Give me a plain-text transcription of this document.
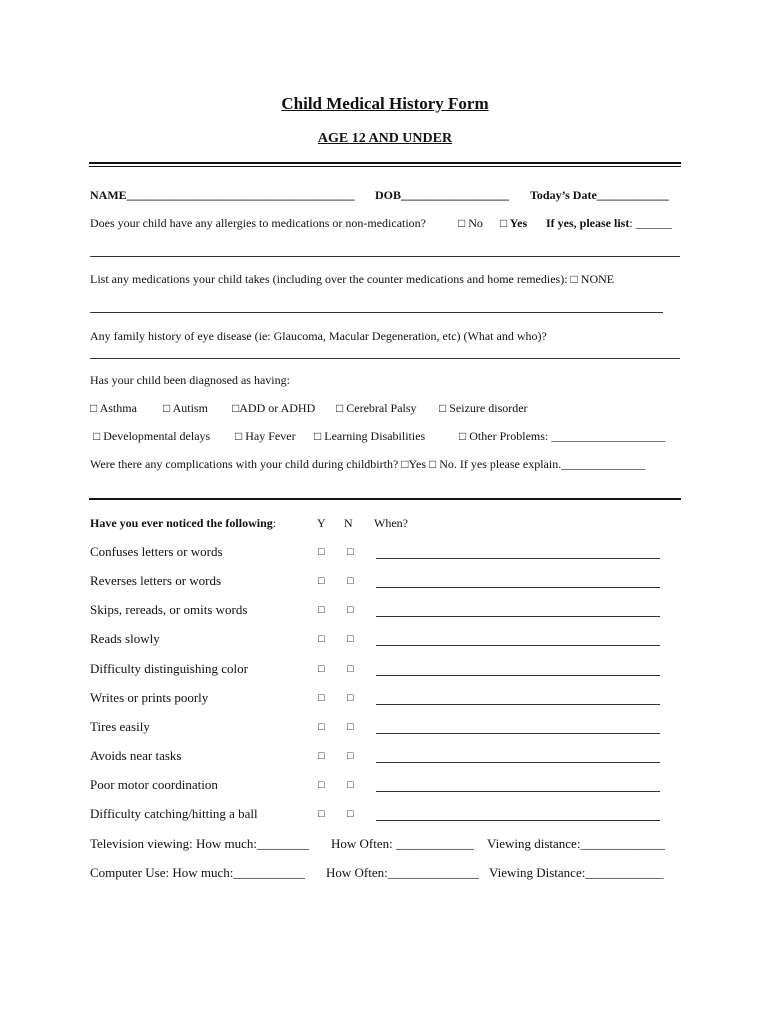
Child Medical History Form
AGE 12 AND UNDER
NAME______________________________________ DOB__________________ Today’s Date____________
Does your child have any allergies to medications or non-medication?	□ No □ Yes If yes, please list: ______
List any medications your child takes (including over the counter medications and home remedies): □ NONE
Any family history of eye disease (ie: Glaucoma, Macular Degeneration, etc) (What and who)?
Has your child been diagnosed as having:
□ Asthma □ Autism □ADD or ADHD □ Cerebral Palsy □ Seizure disorder
□ Developmental delays □ Hay Fever □ Learning Disabilities	□ Other Problems: ___________________
Were there any complications with your child during childbirth? □Yes □ No. If yes please explain.______________
Have you ever noticed the following:	Y N When?
Confuses letters or words	□ □
Reverses letters or words	□ □
Skips, rereads, or omits words	□ □
Reads slowly	□ □
Difficulty distinguishing color	□ □
Writes or prints poorly	□ □
Tires easily	□ □
Avoids near tasks	□ □
Poor motor coordination	□ □
Difficulty catching/hitting a ball	□ □
Television viewing: How much:________ How Often: ____________ Viewing distance:_____________
Computer Use: How much:___________ How Often:______________ Viewing Distance:____________
